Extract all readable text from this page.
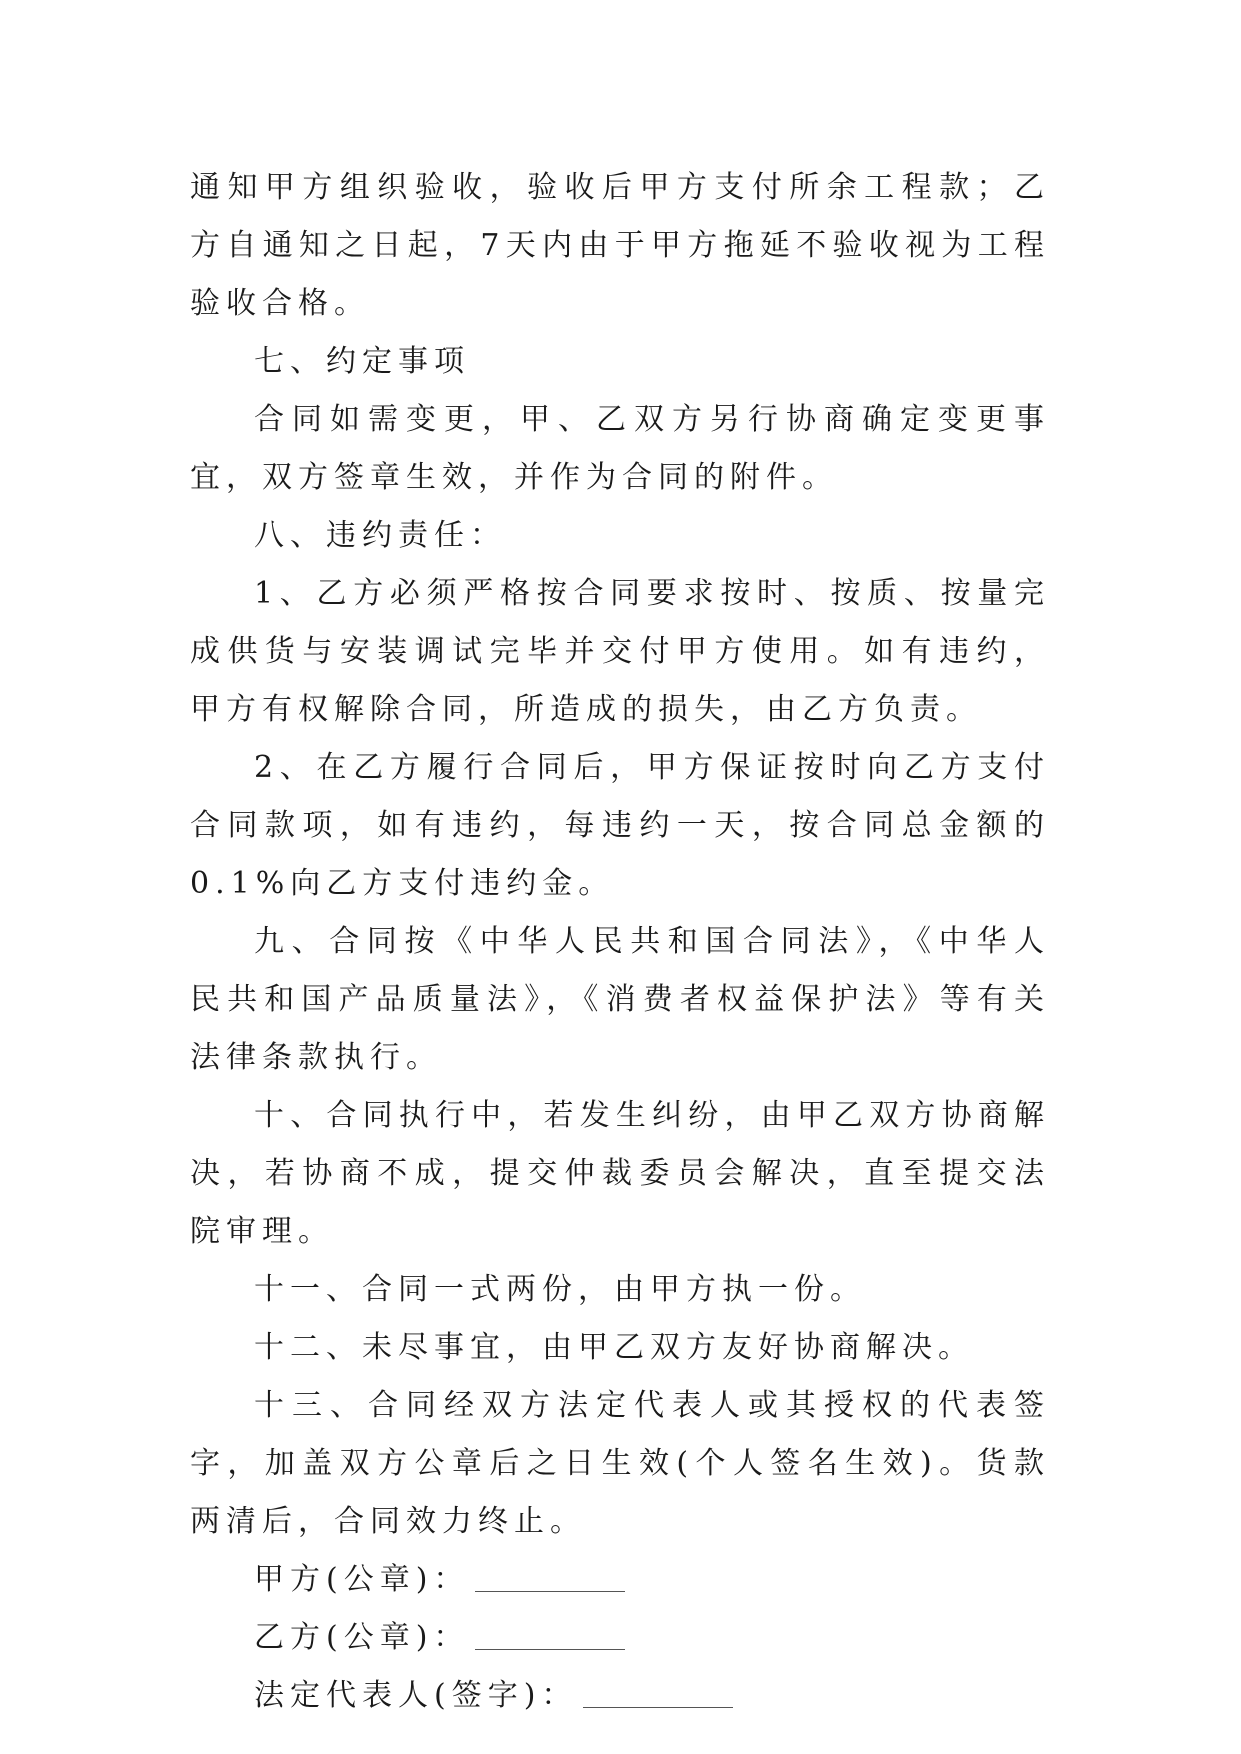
通知甲方组织验收，验收后甲方支付所余工程款；乙方自通知之日起，7天内由于甲方拖延不验收视为工程验收合格。

七、约定事项

合同如需变更，甲、乙双方另行协商确定变更事宜，双方签章生效，并作为合同的附件。

八、违约责任：

1、乙方必须严格按合同要求按时、按质、按量完成供货与安装调试完毕并交付甲方使用。如有违约，甲方有权解除合同，所造成的损失，由乙方负责。

2、在乙方履行合同后，甲方保证按时向乙方支付合同款项，如有违约，每违约一天，按合同总金额的0.1%向乙方支付违约金。

九、合同按《中华人民共和国合同法》，《中华人民共和国产品质量法》，《消费者权益保护法》等有关法律条款执行。

十、合同执行中，若发生纠纷，由甲乙双方协商解决，若协商不成，提交仲裁委员会解决，直至提交法院审理。

十一、合同一式两份，由甲方执一份。

十二、未尽事宜，由甲乙双方友好协商解决。

十三、合同经双方法定代表人或其授权的代表签字，加盖双方公章后之日生效(个人签名生效)。货款两清后，合同效力终止。

甲方(公章)：

乙方(公章)：

法定代表人(签字)：
